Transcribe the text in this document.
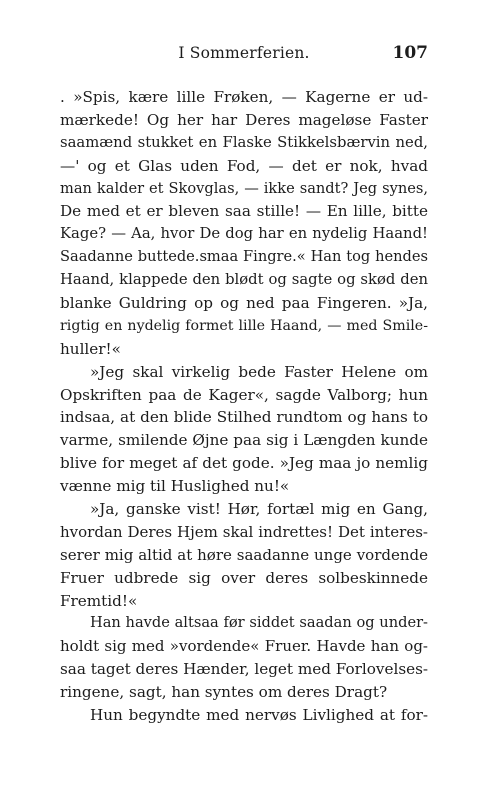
I Sommerferien.	107
. »Spis, kære lille Frøken, — Kagerne er ud-
mærkede! Og her har Deres mageløse Faster
saamænd stukket en Flaske Stikkelsbærvin ned,
—' og et Glas uden Fod, — det er nok, hvad
man kalder et Skovglas, — ikke sandt? Jeg synes,
De med et er bleven saa stille! — En lille, bitte
Kage? — Aa, hvor De dog har en nydelig Haand!
Saadanne buttede.smaa Fingre.« Han tog hendes
Haand, klappede den blødt og sagte og skød den
blanke Guldring op og ned paa Fingeren. »Ja,
rigtig en nydelig formet lille Haand, — med Smile-
huller!«
»Jeg skal virkelig bede Faster Helene om
Opskriften paa de Kager«, sagde Valborg; hun
indsaa, at den blide Stilhed rundtom og hans to
varme, smilende Øjne paa sig i Længden kunde
blive for meget af det gode. »Jeg maa jo nemlig
vænne mig til Huslighed nu!«
»Ja, ganske vist! Hør, fortæl mig en Gang,
hvordan Deres Hjem skal indrettes! Det interes-
serer mig altid at høre saadanne unge vordende
Fruer udbrede sig over deres solbeskinnede
Fremtid!«
Han havde altsaa før siddet saadan og under-
holdt sig med »vordende« Fruer. Havde han og-
saa taget deres Hænder, leget med Forlovelses-
ringene, sagt, han syntes om deres Dragt?
Hun begyndte med nervøs Livlighed at for-
